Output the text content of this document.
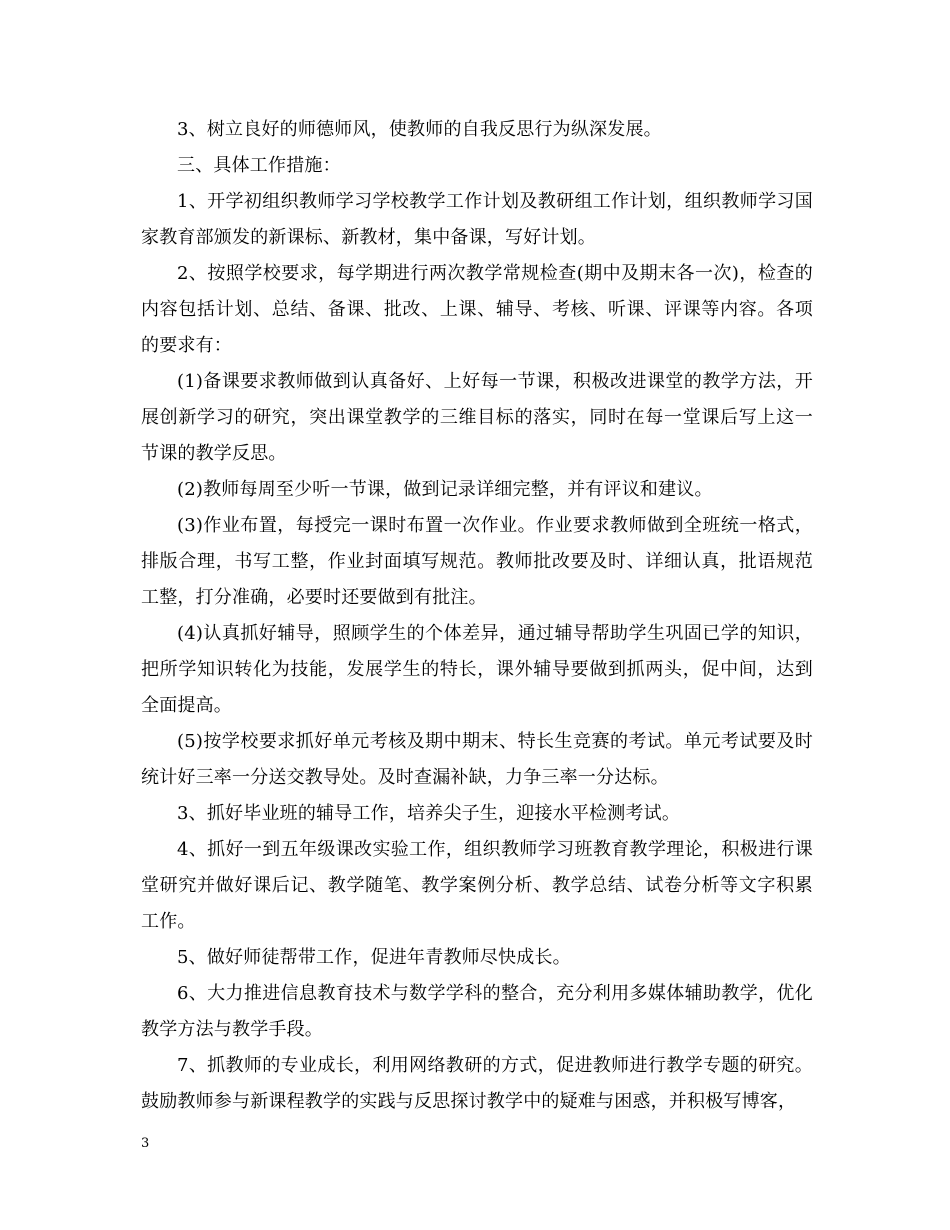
3、树立良好的师德师风，使教师的自我反思行为纵深发展。

三、具体工作措施：

1、开学初组织教师学习学校教学工作计划及教研组工作计划，组织教师学习国家教育部颁发的新课标、新教材，集中备课，写好计划。

2、按照学校要求，每学期进行两次教学常规检查(期中及期末各一次)，检查的内容包括计划、总结、备课、批改、上课、辅导、考核、听课、评课等内容。各项的要求有：

(1)备课要求教师做到认真备好、上好每一节课，积极改进课堂的教学方法，开展创新学习的研究，突出课堂教学的三维目标的落实，同时在每一堂课后写上这一节课的教学反思。

(2)教师每周至少听一节课，做到记录详细完整，并有评议和建议。

(3)作业布置，每授完一课时布置一次作业。作业要求教师做到全班统一格式，排版合理，书写工整，作业封面填写规范。教师批改要及时、详细认真，批语规范工整，打分准确，必要时还要做到有批注。

(4)认真抓好辅导，照顾学生的个体差异，通过辅导帮助学生巩固已学的知识，把所学知识转化为技能，发展学生的特长，课外辅导要做到抓两头，促中间，达到全面提高。

(5)按学校要求抓好单元考核及期中期末、特长生竞赛的考试。单元考试要及时统计好三率一分送交教导处。及时查漏补缺，力争三率一分达标。

3、抓好毕业班的辅导工作，培养尖子生，迎接水平检测考试。

4、抓好一到五年级课改实验工作，组织教师学习班教育教学理论，积极进行课堂研究并做好课后记、教学随笔、教学案例分析、教学总结、试卷分析等文字积累工作。

5、做好师徒帮带工作，促进年青教师尽快成长。

6、大力推进信息教育技术与数学学科的整合，充分利用多媒体辅助教学，优化教学方法与教学手段。

7、抓教师的专业成长，利用网络教研的方式，促进教师进行教学专题的研究。鼓励教师参与新课程教学的实践与反思探讨教学中的疑难与困惑，并积极写博客，

3
